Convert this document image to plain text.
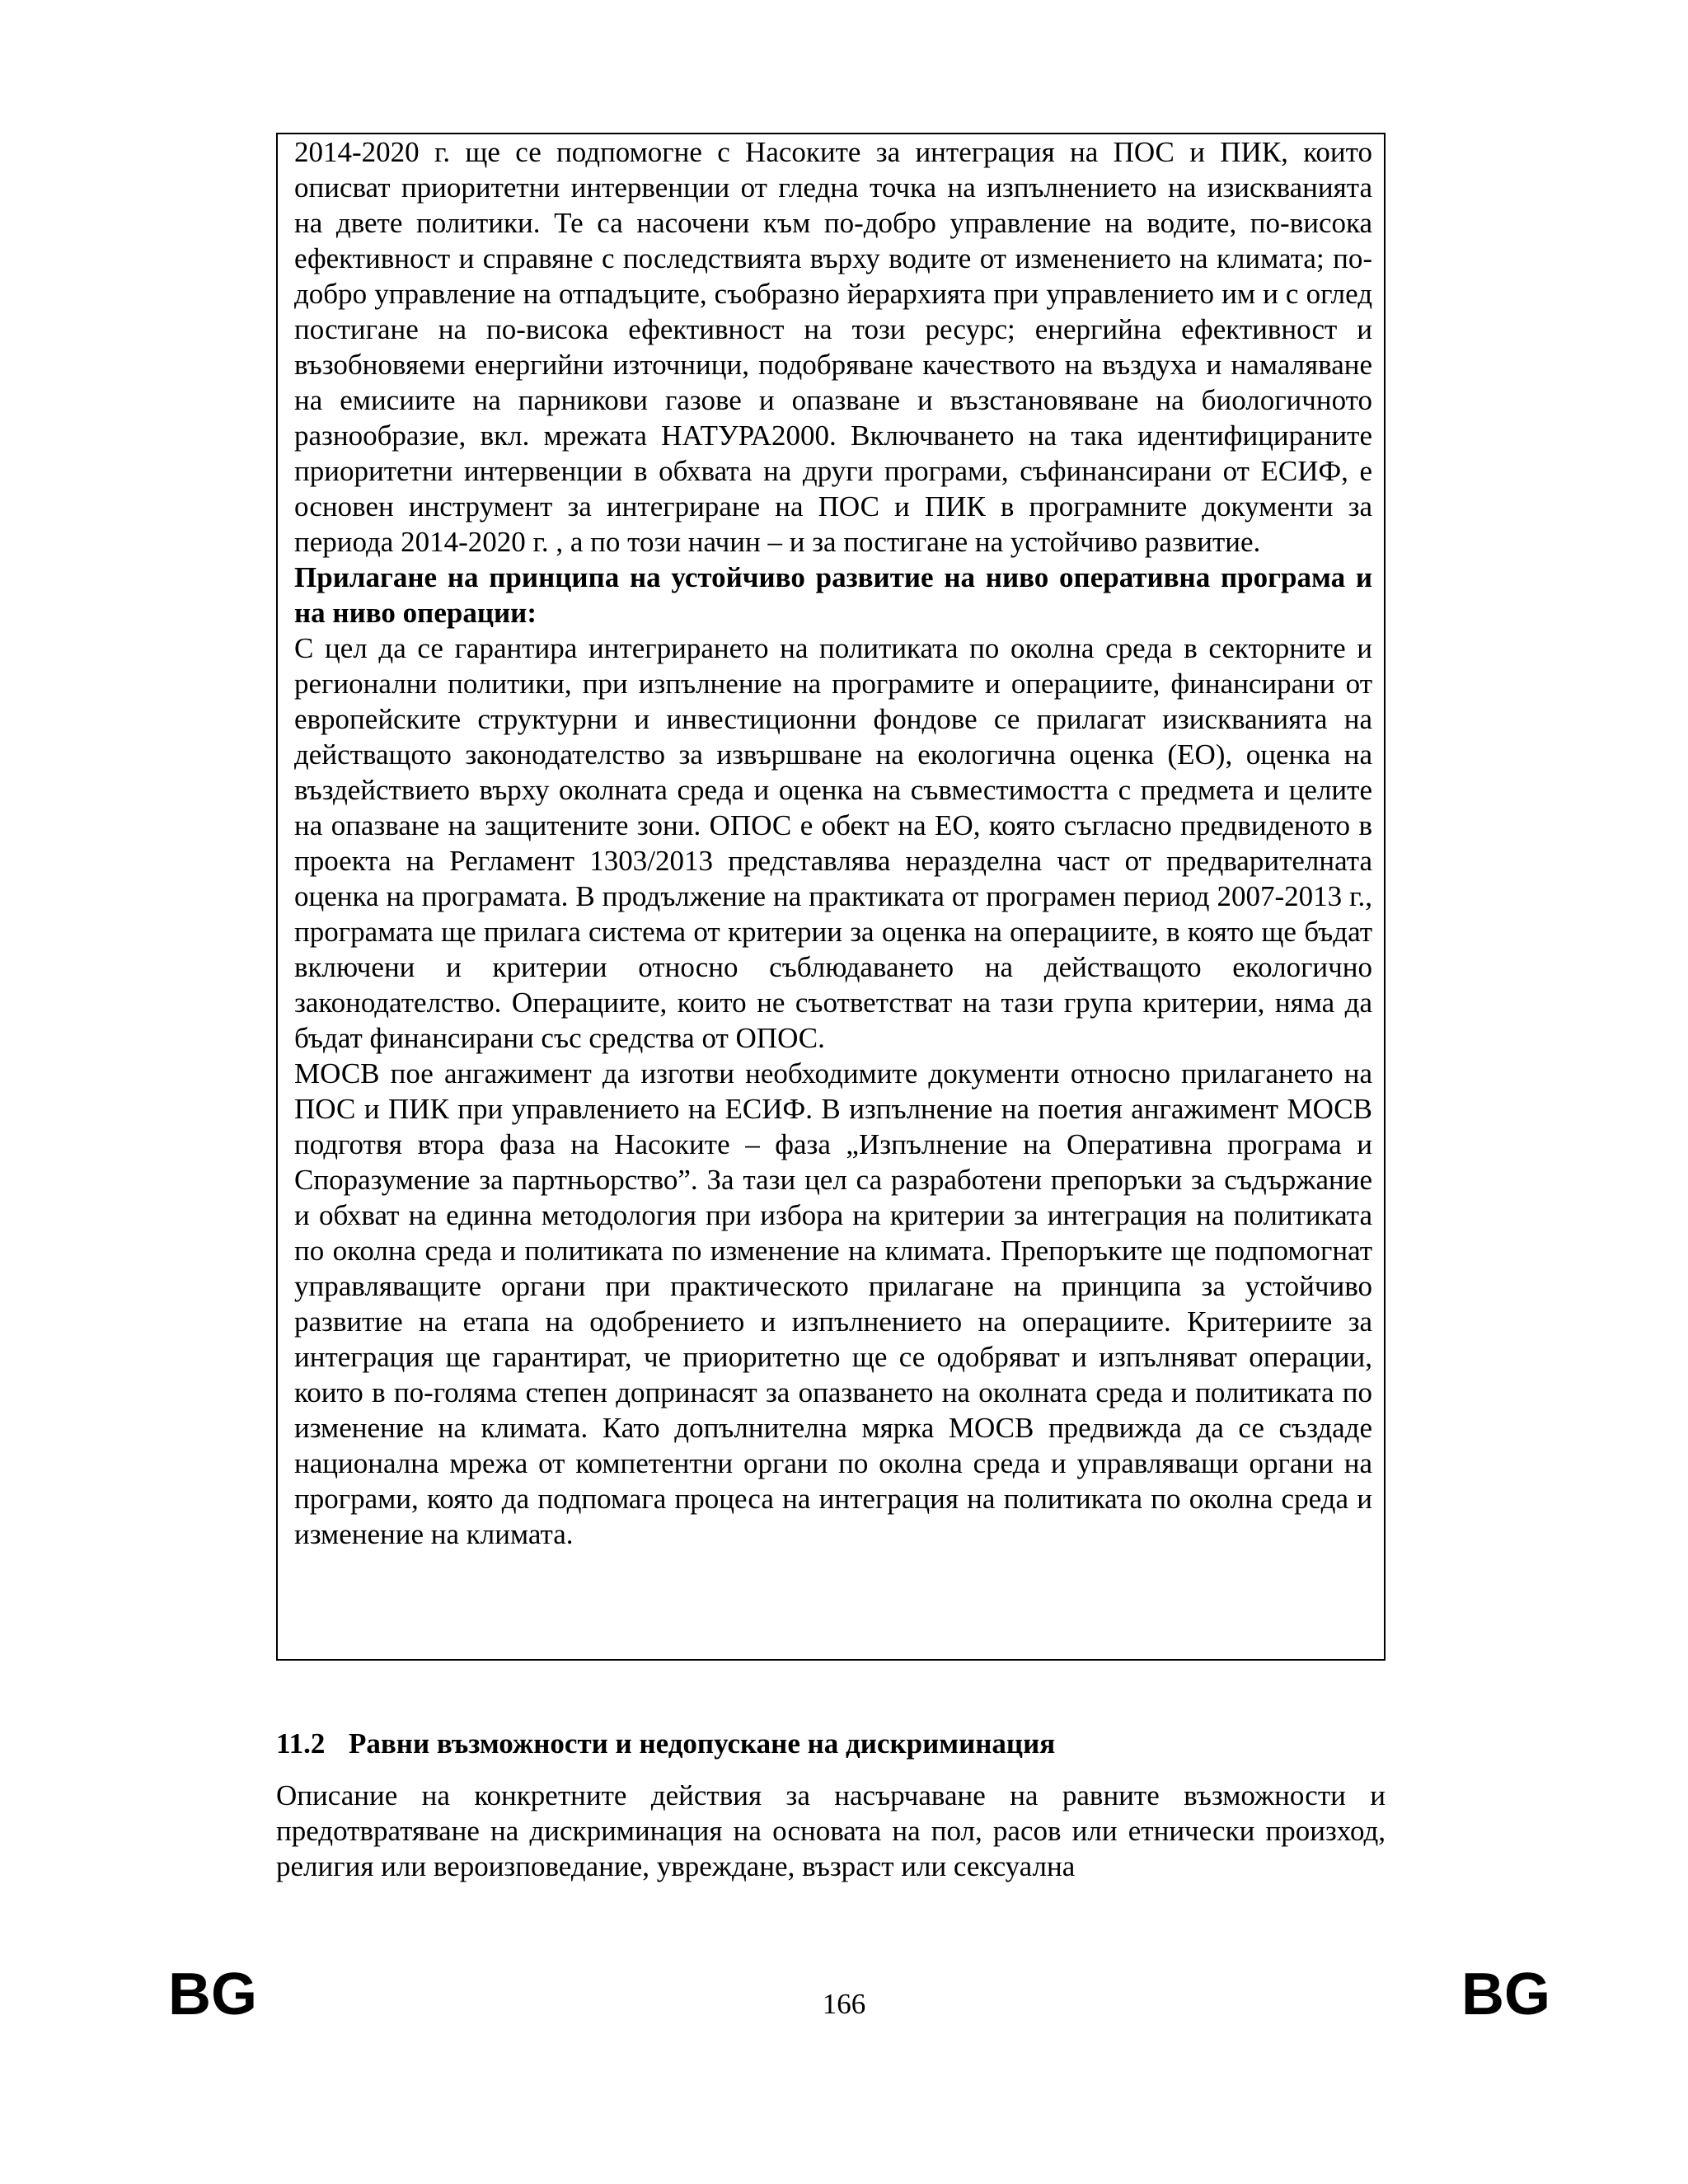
2014-2020 г. ще се подпомогне с Насоките за интеграция на ПОС и ПИК, които описват приоритетни интервенции от гледна точка на изпълнението на изискванията на двете политики. Те са насочени към по-добро управление на водите, по-висока ефективност и справяне с последствията върху водите от изменението на климата; по-добро управление на отпадъците, съобразно йерархията при управлението им и с оглед постигане на по-висока ефективност на този ресурс; енергийна ефективност и възобновяеми енергийни източници, подобряване качеството на въздуха и намаляване на емисиите на парникови газове и опазване и възстановяване на биологичното разнообразие, вкл. мрежата НАТУРА2000. Включването на така идентифицираните приоритетни интервенции в обхвата на други програми, съфинансирани от ЕСИФ, е основен инструмент за интегриране на ПОС и ПИК в програмните документи за периода 2014-2020 г. , а по този начин – и за постигане на устойчиво развитие.

Прилагане на принципа на устойчиво развитие на ниво оперативна програма и на ниво операции:

С цел да се гарантира интегрирането на политиката по околна среда в секторните и регионални политики, при изпълнение на програмите и операциите, финансирани от европейските структурни и инвестиционни фондове се прилагат изискванията на действащото законодателство за извършване на екологична оценка (ЕО), оценка на въздействието върху околната среда и оценка на съвместимостта с предмета и целите на опазване на защитените зони. ОПОС е обект на ЕО, която съгласно предвиденото в проекта на Регламент 1303/2013 представлява неразделна част от предварителната оценка на програмата. В продължение на практиката от програмен период 2007-2013 г., програмата ще прилага система от критерии за оценка на операциите, в която ще бъдат включени и критерии относно съблюдаването на действащото екологично законодателство. Операциите, които не съответстват на тази група критерии, няма да бъдат финансирани със средства от ОПОС.

МОСВ пое ангажимент да изготви необходимите документи относно прилагането на ПОС и ПИК при управлението на ЕСИФ. В изпълнение на поетия ангажимент МОСВ подготвя втора фаза на Насоките – фаза „Изпълнение на Оперативна програма и Споразумение за партньорство”. За тази цел са разработени препоръки за съдържание и обхват на единна методология при избора на критерии за интеграция на политиката по околна среда и политиката по изменение на климата. Препоръките ще подпомогнат управляващите органи при практическото прилагане на принципа за устойчиво развитие на етапа на одобрението и изпълнението на операциите. Критериите за интеграция ще гарантират, че приоритетно ще се одобряват и изпълняват операции, които в по-голяма степен допринасят за опазването на околната среда и политиката по изменение на климата. Като допълнителна мярка МОСВ предвижда да се създаде национална мрежа от компетентни органи по околна среда и управляващи органи на програми, която да подпомага процеса на интеграция на политиката по околна среда и изменение на климата.

11.2 Равни възможности и недопускане на дискриминация

Описание на конкретните действия за насърчаване на равните възможности и предотвратяване на дискриминация на основата на пол, расов или етнически произход, религия или вероизповедание, увреждане, възраст или сексуална

BG	166	BG
